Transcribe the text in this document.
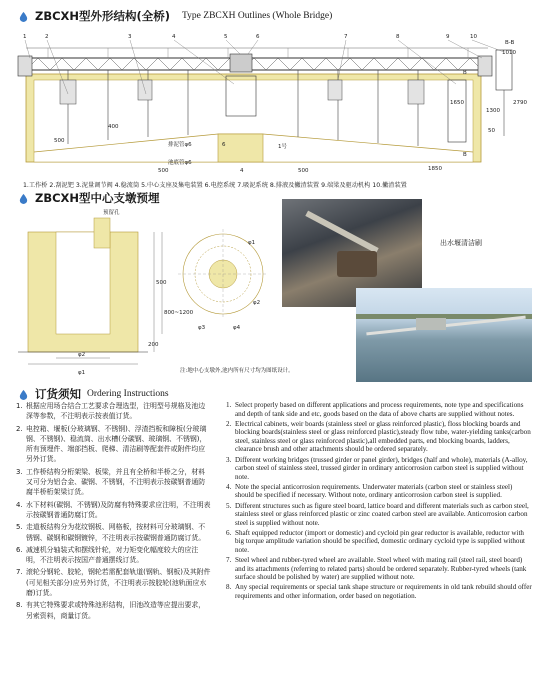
ZBCXH型外形结构(全桥) Type ZBCXH Outlines (Whole Bridge)
1	2	3	4	5	6	7	8	9	10
B-B
1010
500
400
6
4
1300
1650	2790
50
1850
500
500
排泥管φ6
池底管φ6
1号
B
B
1.工作桥 2.刮泥钯 3.泥量调节阀 4.稳流筒 5.中心支座及集电装置 6.电控系统 7.吸泥系统 8.排液及撇渣装置 9.端梁及驱动机构 10.撇渣装置
ZBCXH型中心支墩预埋
预留孔
φ1
φ2
500
800~1200
200
φ3	φ4
φ1
φ2
注:地中心支墩外,池内所有尺寸均为图纸设计。
出水堰清洁刷
订货须知 Ordering Instructions
1. 根据应用场合结合工艺要求合理选型，注明型号规格及池边深等参数，不注明表示按表值订货。
2. 电控箱、堰板(分玻璃钢、不锈钢)、浮渣挡板和障板(分玻璃钢、不锈钢)、稳流筒、出水槽(分碳钢、玻璃钢、不锈钢)，所有预埋件、端部挡板、爬梯、清洁刷等配套件或附件均应另外订货。
3. 工作桥结构分桁架梁、板梁，并且有全桥和半桥之分，材料又可分为铝合金、碳钢、不锈钢，不注明表示按碳钢普通防腐半桥桁架梁订货。
4. 水下材料(碳钢、不锈钢)及防腐有特殊要求应注明，不注明表示按碳钢普通防腐订货。
5. 走道板结构分为花纹钢板、网格板，按材料可分玻璃钢、不锈钢、碳钢和碳钢镀锌，不注明表示按碳钢普通防腐订货。
6. 减速机分轴装式和摆线针轮，对力矩变化幅度较大的应注明，不注明表示按国产普通摆线订货。
7. 滚轮分钢轮、胶轮，钢轮若需配套轨道(钢轨、钢板)及其附件(可见相关部分)应另外订货，不注明表示按胶轮(池轨面应水磨)订货。
8. 有其它特殊要求或特殊池形结构，旧池改造等应提出要求，另索资料，商量订货。
1. Select properly based on different applications and process requirements, note type and specifications and depth of tank side and etc, goods based on the data of above charts are supplied without notes.
2. Electrical cabinets, weir boards (stainless steel or glass reinforced plastic), floss blocking boards and blocking boards(stainless steel or glass reinforced plastic),steady flow tube, water-yielding tanks(carbon steel, stainless steel or glass reinforced plastic),all embedded parts, end blocking boards, ladders, clearance brush and other attachments should be ordered separately.
3. Different working bridges (trussed girder or panel girder), bridges (half and whole), materials (A-alloy, carbon steel of stainless steel, trussed girder in ordinary anticorrosion carbon steel is supplied without note.
4. Note the special anticorrosion requirements. Underwater materials (carbon steel or stainless steel) should be specified if necessary. Without note, ordinary anticorrosion carbon steel is supplied.
5. Different structures such as figure steel board, lattice board and different materials such as carbon steel, stainless steel or glass reinforced plastic or zinc coated carbon steel are available. Anticorrosion carbon steel is supplied without note.
6. Shaft equipped reductor (import or domestic) and cycloid pin gear reductor is available, reductor with big torque amplitude variation should be specified, domestic ordinary cycloid type is supplied without note.
7. Steel wheel and rubber-tyred wheel are available. Steel wheel with mating rail (steel rail, steel board) and its attachments (referring to related parts) should be ordered separately. Rubber-tyred wheels (tank surface should be polished by water) are supplied without note.
8. Any special requirements or special tank shape structure or requirements in old tank rebuild should offer requirements and other information, order based on negotiation.
